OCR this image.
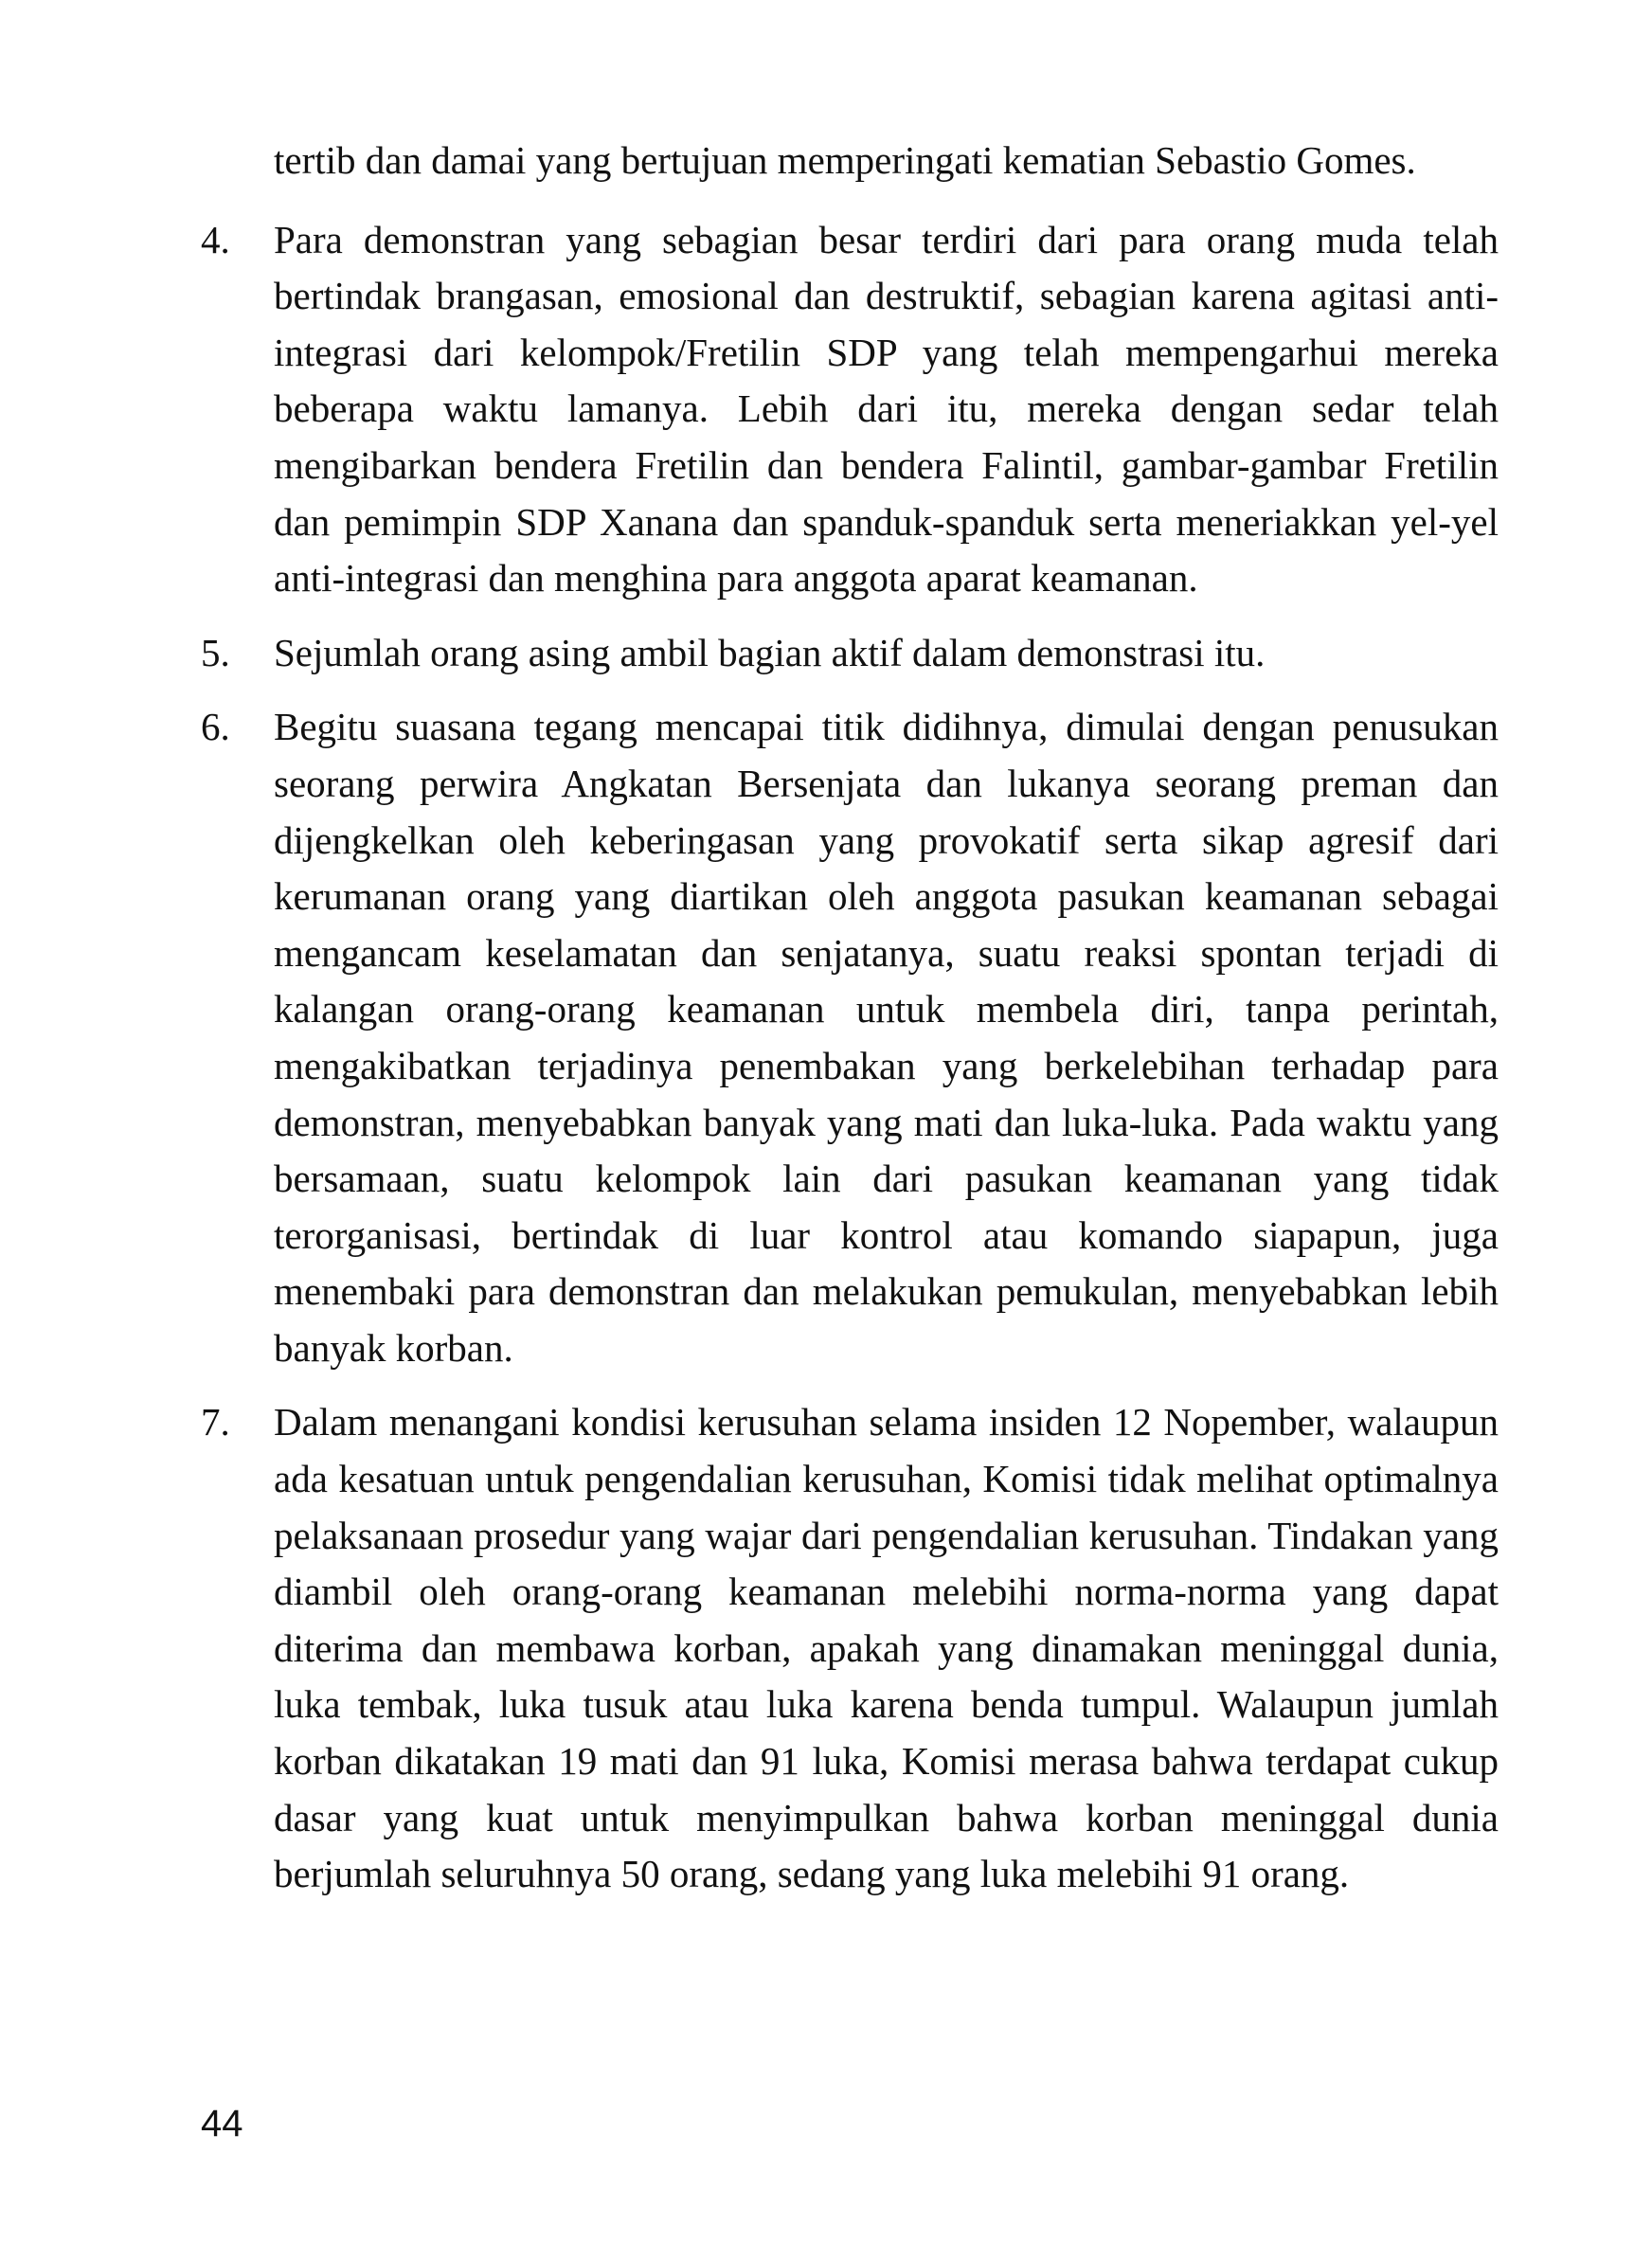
tertib dan damai yang bertujuan memperingati kematian Sebastio Gomes.

4.	Para demonstran yang sebagian besar terdiri dari para orang muda telah bertindak brangasan, emosional dan destruktif, sebagian karena agitasi anti-integrasi dari kelompok/Fretilin SDP yang telah mempengarhui mereka beberapa waktu lamanya. Lebih dari itu, mereka dengan sedar telah mengibarkan bendera Fretilin dan bendera Falintil, gambar-gambar Fretilin dan pemimpin SDP Xanana dan spanduk-spanduk serta meneriakkan yel-yel anti-integrasi dan menghina para anggota aparat keamanan.
5.	Sejumlah orang asing ambil bagian aktif dalam demonstrasi itu.
6.	Begitu suasana tegang mencapai titik didihnya, dimulai dengan penusukan seorang perwira Angkatan Bersenjata dan lukanya seorang preman dan dijengkelkan oleh keberingasan yang provokatif serta sikap agresif dari kerumanan orang yang diartikan oleh anggota pasukan keamanan sebagai mengancam keselamatan dan senjatanya, suatu reaksi spontan terjadi di kalangan orang-orang keamanan untuk membela diri, tanpa perintah, mengakibatkan terjadinya penembakan yang berkelebihan terhadap para demonstran, menyebabkan banyak yang mati dan luka-luka. Pada waktu yang bersamaan, suatu kelompok lain dari pasukan keamanan yang tidak terorganisasi, bertindak di luar kontrol atau komando siapapun, juga menembaki para demonstran dan melakukan pemukulan, menyebabkan lebih banyak korban.
7.	Dalam menangani kondisi kerusuhan selama insiden 12 Nopember, walaupun ada kesatuan untuk pengendalian kerusuhan, Komisi tidak melihat optimalnya pelaksanaan prosedur yang wajar dari pengendalian kerusuhan. Tindakan yang diambil oleh orang-orang keamanan melebihi norma-norma yang dapat diterima dan membawa korban, apakah yang dinamakan meninggal dunia, luka tembak, luka tusuk atau luka karena benda tumpul. Walaupun jumlah korban dikatakan 19 mati dan 91 luka, Komisi merasa bahwa terdapat cukup dasar yang kuat untuk menyimpulkan bahwa korban meninggal dunia berjumlah seluruhnya 50 orang, sedang yang luka melebihi 91 orang.
44
